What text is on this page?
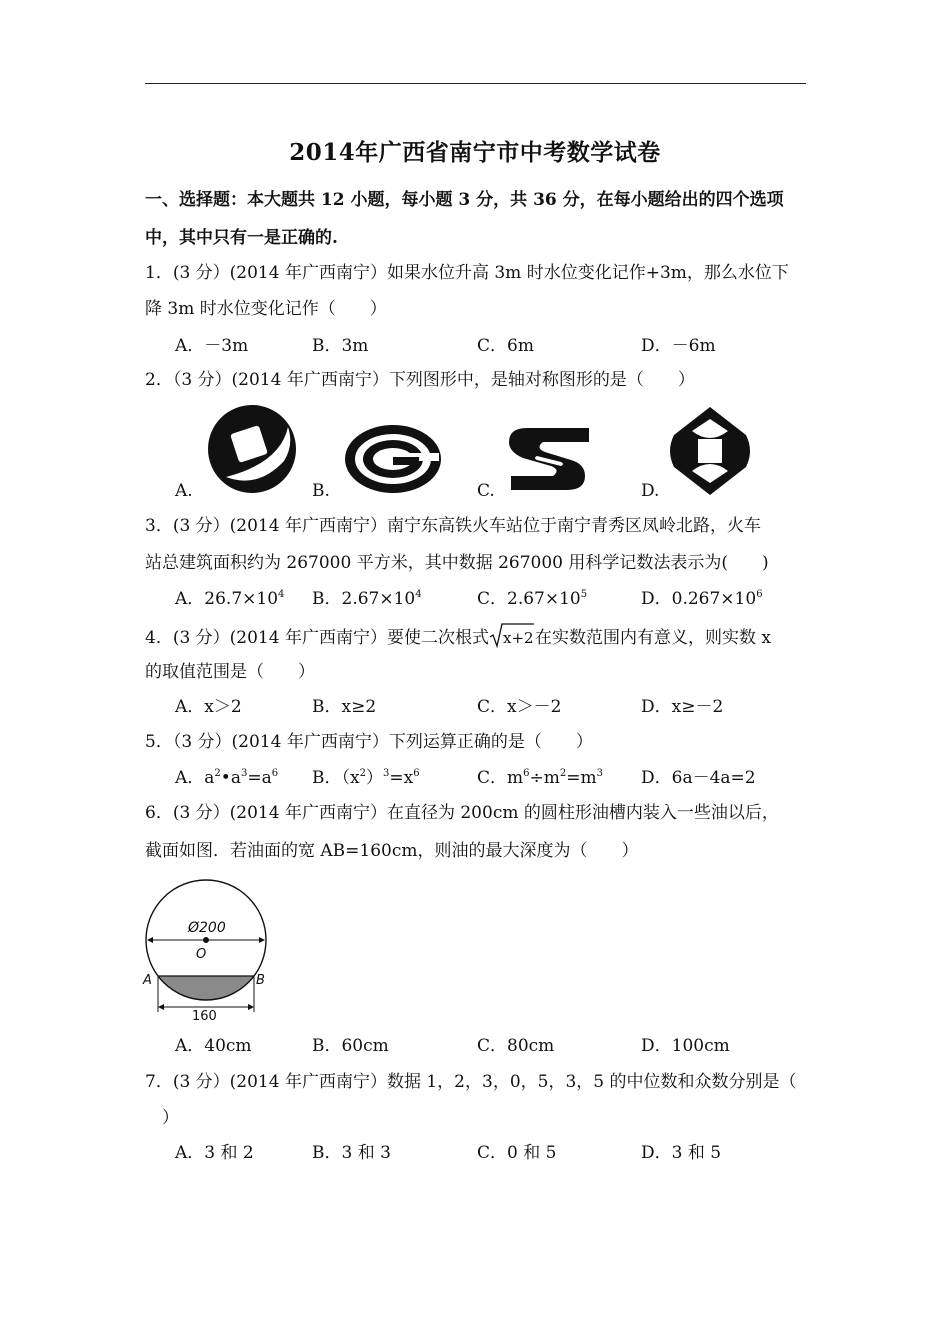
2014年广西省南宁市中考数学试卷
一、选择题：本大题共 12 小题，每小题 3 分，共 36 分，在每小题给出的四个选项
中，其中只有一是正确的.
1．(3 分）(2014 年广西南宁）如果水位升高 3m 时水位变化记作+3m，那么水位下
降 3m 时水位变化记作（　　）
A．－3m	B．3m	C．6m	D．－6m
2．（3 分）(2014 年广西南宁）下列图形中，是轴对称图形的是（　　）
A.	B.	C.	D.
3．(3 分）(2014 年广西南宁）南宁东高铁火车站位于南宁青秀区凤岭北路，火车
站总建筑面积约为 267000 平方米，其中数据 267000 用科学记数法表示为(　　)
A．$26.7\times 10^4$ B．$2.67\times 10^4$	C．$2.67\times 10^5$	D．$0.267\times 10^6$
4．(3 分）(2014 年广西南宁）要使二次根式 x+2 在实数范围内有意义，则实数 x
的取值范围是（　　）
A．x＞2	B．x≥2	C．x＞－2	D．x≥－2
5．（3 分）(2014 年广西南宁）下列运算正确的是（　　）
A．$a^2•a^3=a^6$ B．$(x^2)^3=x^6$	C．$m^6\div m^2=m^3$ D．6a－4a=2
6．(3 分）(2014 年广西南宁）在直径为 200cm 的圆柱形油槽内装入一些油以后，
截面如图．若油面的宽 AB=160cm，则油的最大深度为（　　）
Ø200
O
A	B
160
A．40cm	B．60cm	C．80cm	D．100cm
7．(3 分）(2014 年广西南宁）数据 1，2，3，0，5，3，5 的中位数和众数分别是（
　）
A．3 和 2	B．3 和 3	C．0 和 5	D．3 和 5
